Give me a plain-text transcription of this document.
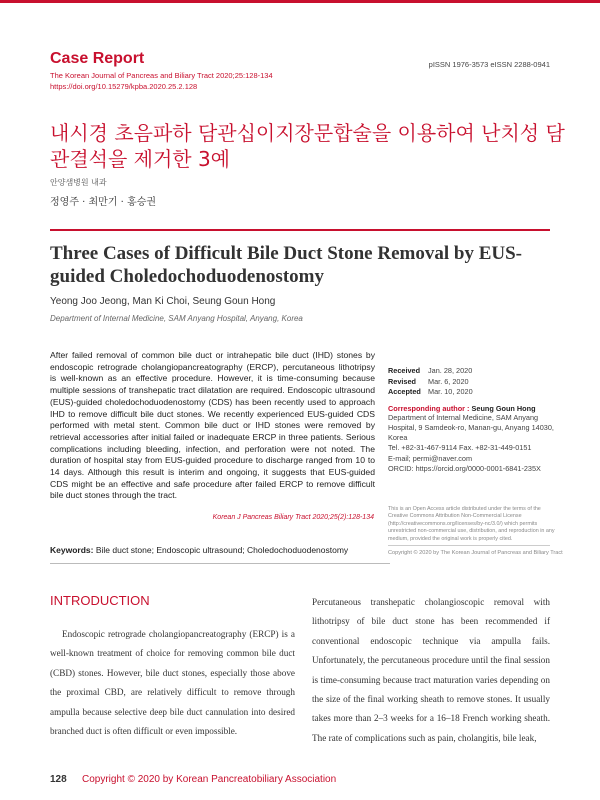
Case Report
The Korean Journal of Pancreas and Biliary Tract 2020;25:128-134
https://doi.org/10.15279/kpba.2020.25.2.128
pISSN 1976-3573 eISSN 2288-0941
내시경 초음파하 담관십이지장문합술을 이용하여 난치성 담관결석을 제거한 3예
안양샘병원 내과
정영주 · 최만기 · 홍승권
Three Cases of Difficult Bile Duct Stone Removal by EUS-guided Choledochoduodenostomy
Yeong Joo Jeong, Man Ki Choi, Seung Goun Hong
Department of Internal Medicine, SAM Anyang Hospital, Anyang, Korea
After failed removal of common bile duct or intrahepatic bile duct (IHD) stones by endoscopic retrograde cholangiopancreatography (ERCP), percutaneous lithotripsy is well-known as an effective procedure. However, it is time-consuming because multiple sessions of transhepatic tract dilatation are required. Endoscopic ultrasound (EUS)-guided choledochoduodenostomy (CDS) has been recently used to approach IHD to remove difficult bile duct stones. We recently experienced EUS-guided CDS performed with metal stent. Common bile duct or IHD stones were removed by retrieval accessories after initial failed or inadequate ERCP in three patients. Serious complications including bleeding, infection, and perforation were not noted. The duration of hospital stay from EUS-guided procedure to discharge ranged from 10 to 14 days. Although this result is interim and ongoing, it suggests that EUS-guided CDS might be an effective and safe procedure after failed ERCP to remove difficult bile duct stones through the tract.
Korean J Pancreas Biliary Tract 2020;25(2):128-134
Keywords: Bile duct stone; Endoscopic ultrasound; Choledochoduodenostomy
Received Jan. 28, 2020
Revised Mar. 6, 2020
Accepted Mar. 10, 2020
Corresponding author : Seung Goun Hong
Department of Internal Medicine, SAM Anyang
Hospital, 9 Samdeok-ro, Manan-gu, Anyang 14030,
Korea
Tel. +82-31-467-9114 Fax. +82-31-449-0151
E-mail; permi@naver.com
ORCID: https://orcid.org/0000-0001-6841-235X
This is an Open Access article distributed under the terms of the Creative Commons Attribution Non-Commercial License (http://creativecommons.org/licenses/by-nc/3.0/) which permits unrestricted non-commercial use, distribution, and reproduction in any medium, provided the original work is properly cited.
Copyright © 2020 by The Korean Journal of Pancreas and Biliary Tract
INTRODUCTION

Endoscopic retrograde cholangiopancreatography (ERCP) is a well-known treatment of choice for removing common bile duct (CBD) stones. However, bile duct stones, especially those above the proximal CBD, are relatively difficult to remove through ampulla because selective deep bile duct cannulation into desired branched duct is often difficult or even impossible.

Percutaneous transhepatic cholangioscopic removal with lithotripsy of bile duct stone has been recommended if conventional endoscopic technique via ampulla fails. Unfortunately, the percutaneous procedure until the final session is time-consuming because tract maturation varies depending on the size of the final working sheath to remove stones. It usually takes more than 2–3 weeks for a 16–18 French working sheath. The rate of complications such as pain, cholangitis, bile leak,

128 Copyright © 2020 by Korean Pancreatobiliary Association
